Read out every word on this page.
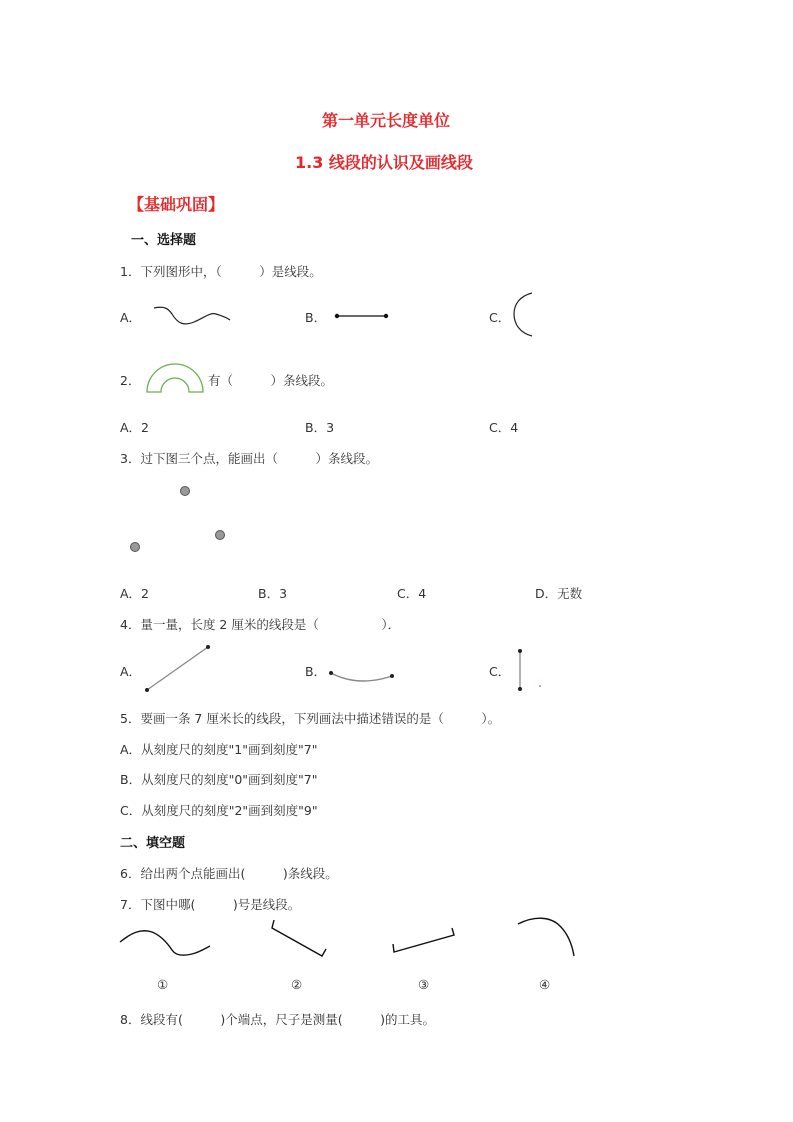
第一单元长度单位
1.3 线段的认识及画线段
【基础巩固】
一、选择题
1．下列图形中，（　　　）是线段。
A．	B．	C．
2．	有（　　　）条线段。
A．2	B．3	C．4
3．过下图三个点，能画出（　　　）条线段。
A．2	B．3	C．4	D．无数
4．量一量，长度 2 厘米的线段是（　　　　　）．
A．	B．	C．
5．要画一条 7 厘米长的线段，下列画法中描述错误的是（　　　）。
A．从刻度尺的刻度"1"画到刻度"7"
B．从刻度尺的刻度"0"画到刻度"7"
C．从刻度尺的刻度"2"画到刻度"9"
二、填空题
6．给出两个点能画出(　　　)条线段。
7．下图中哪(　　　)号是线段。
①	②	③	④
8．线段有(　　　)个端点，尺子是测量(　　　)的工具。
